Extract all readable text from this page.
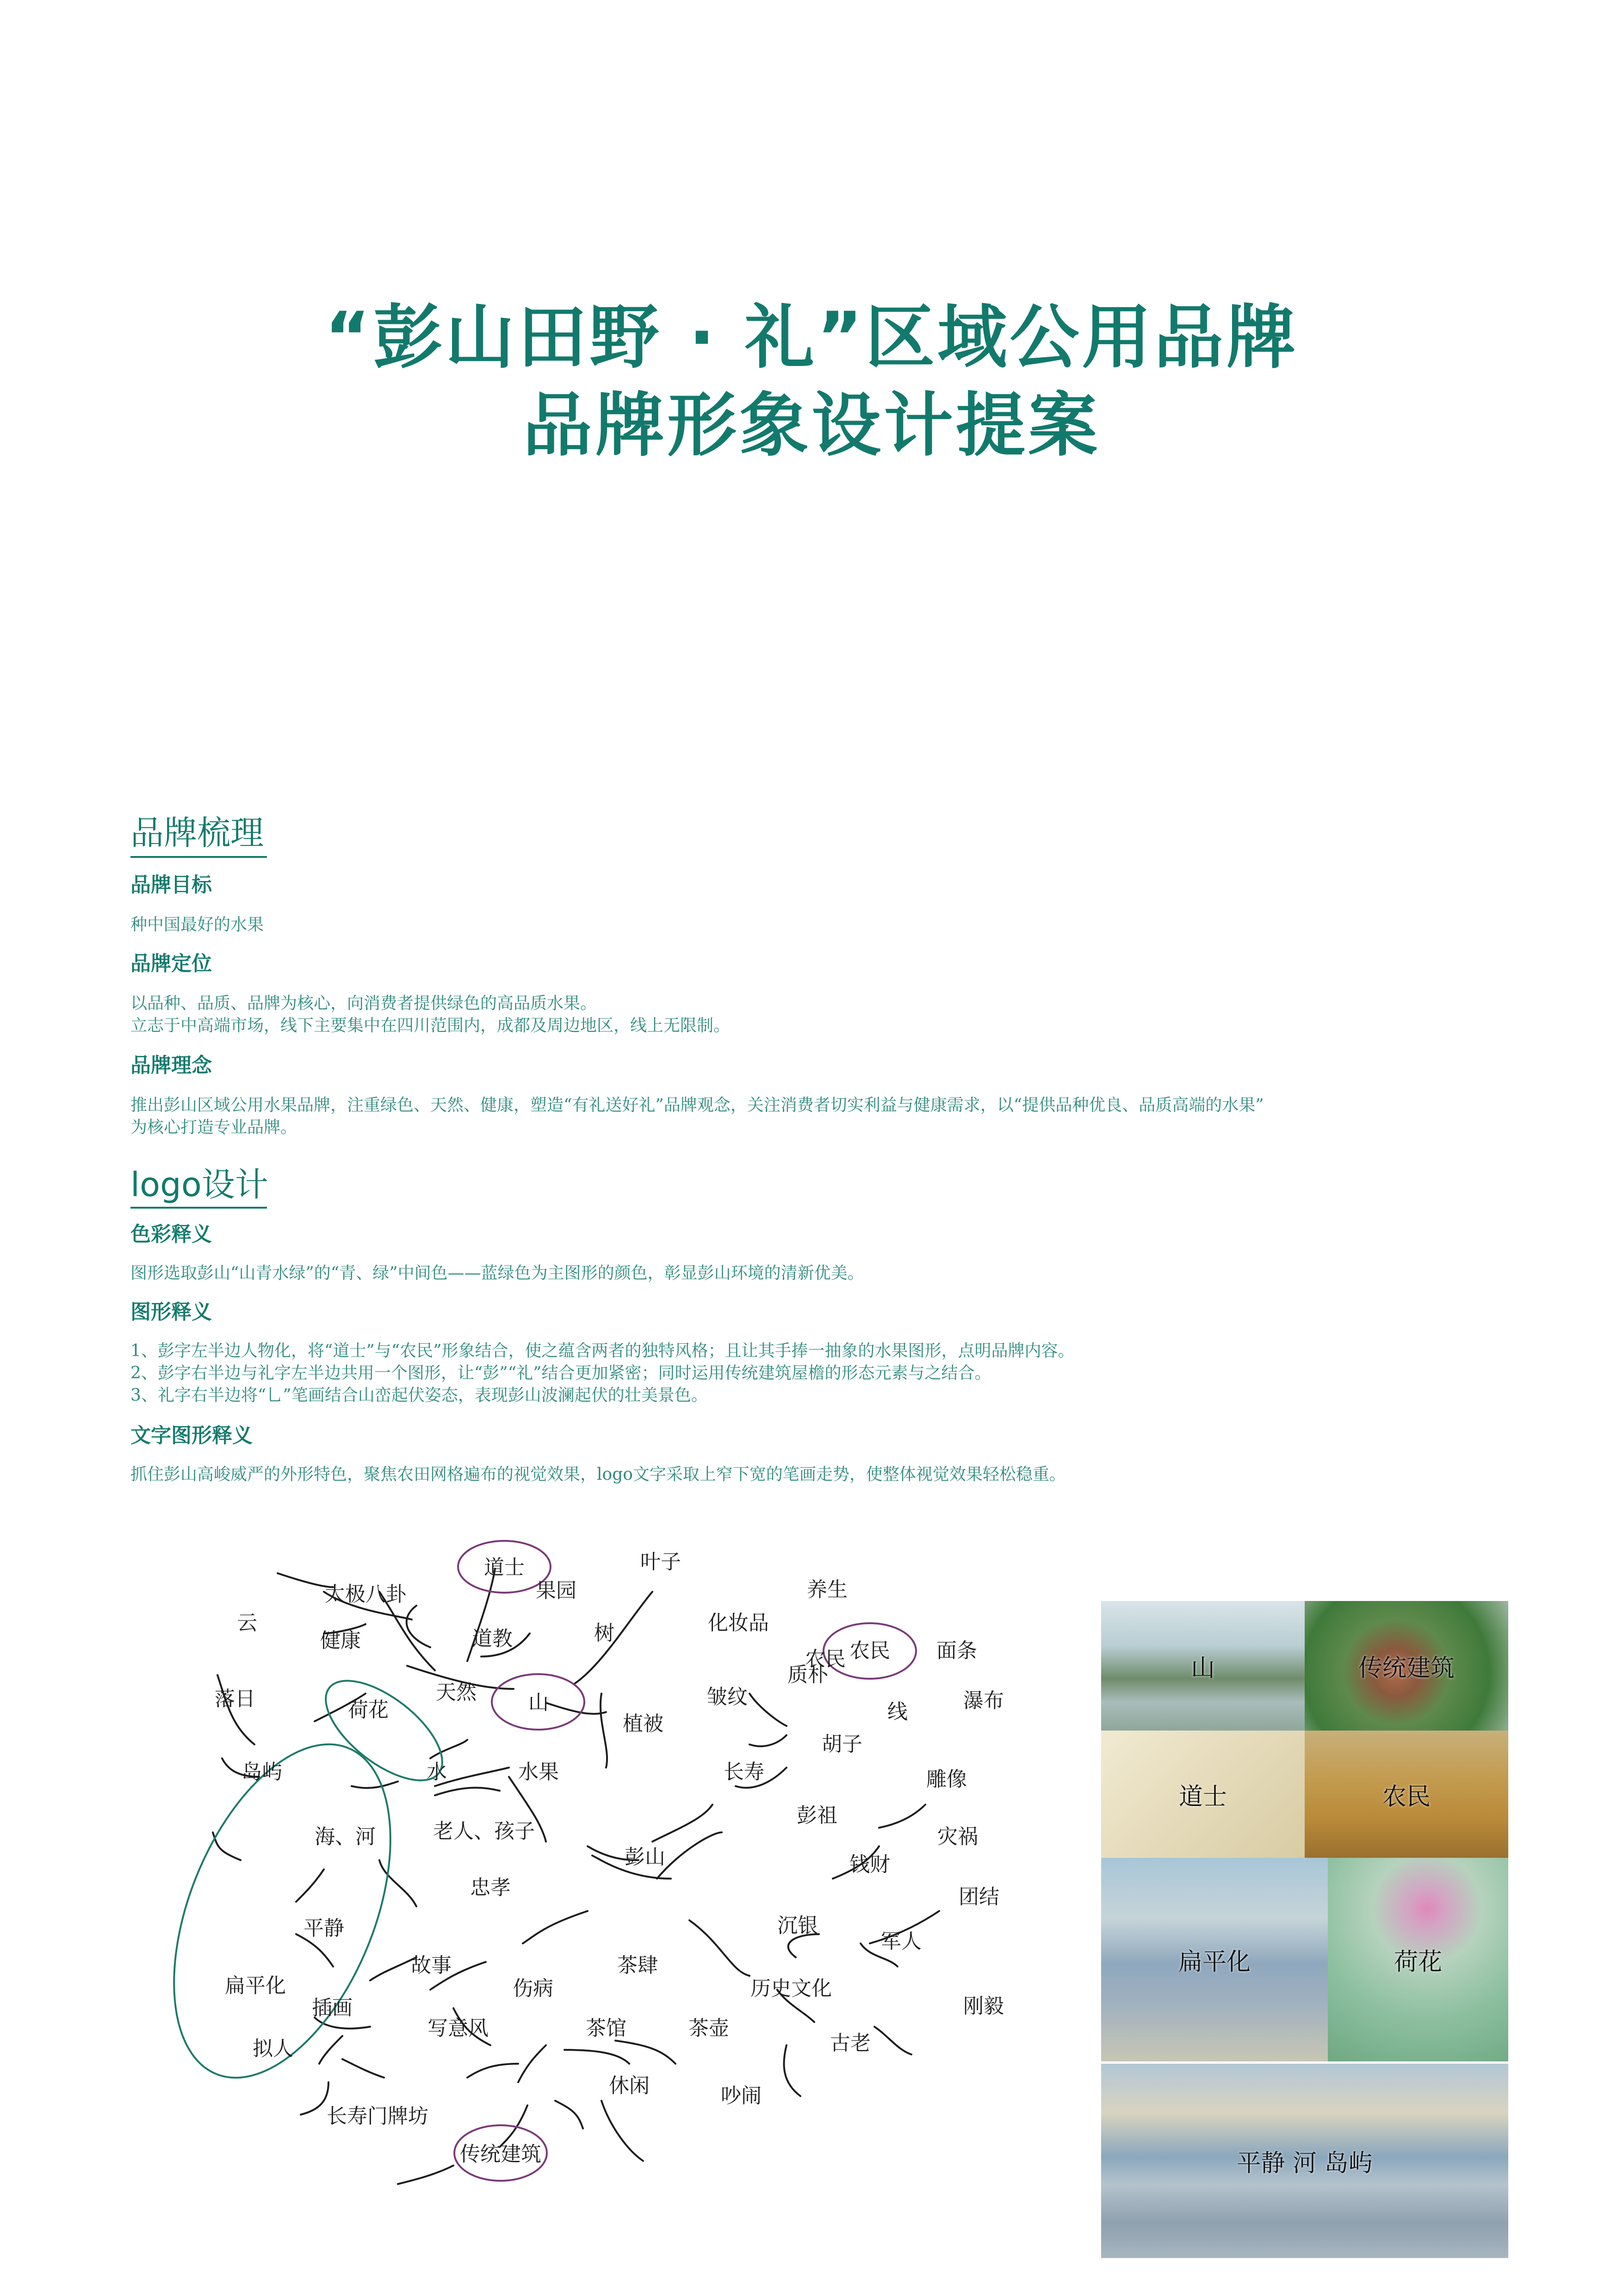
“彭山田野 · 礼”区域公用品牌
品牌形象设计提案
品牌梳理
品牌目标
种中国最好的水果
品牌定位
以品种、品质、品牌为核心，向消费者提供绿色的高品质水果。
立志于中高端市场，线下主要集中在四川范围内，成都及周边地区，线上无限制。
品牌理念
推出彭山区域公用水果品牌，注重绿色、天然、健康，塑造“有礼送好礼”品牌观念，关注消费者切实利益与健康需求，以“提供品种优良、品质高端的水果”
为核心打造专业品牌。
logo设计
色彩释义
图形选取彭山“山青水绿”的“青、绿”中间色——蓝绿色为主图形的颜色，彰显彭山环境的清新优美。
图形释义
1、彭字左半边人物化，将“道士”与“农民”形象结合，使之蕴含两者的独特风格；且让其手捧一抽象的水果图形，点明品牌内容。
2、彭字右半边与礼字左半边共用一个图形，让“彭”“礼”结合更加紧密；同时运用传统建筑屋檐的形态元素与之结合。
3、礼字右半边将“乚”笔画结合山峦起伏姿态，表现彭山波澜起伏的壮美景色。
文字图形释义
抓住彭山高峻威严的外形特色，聚焦农田网格遍布的视觉效果，logo文字采取上窄下宽的笔画走势，使整体视觉效果轻松稳重。
道士
太极八卦	果园
叶子
农民
养生
云
健康	道教	树	化妆品
农民 面条
落日	荷花
天然	山
植被
皱纹
质朴
线	瀑布
胡子
岛屿	水	水果	长寿	雕像
彭祖
海、河	老人、孩子	灾祸
彭山	钱财
忠孝	团结
平静	沉银
军人
故事	茶肆
扁平化	伤病	历史文化
刚毅
插画
写意风	茶馆	茶壶
古老
拟人
传统建筑
休闲	吵闹
长寿门牌坊
山	传统建筑
道士	农民
扁平化	荷花
平静 河 岛屿
